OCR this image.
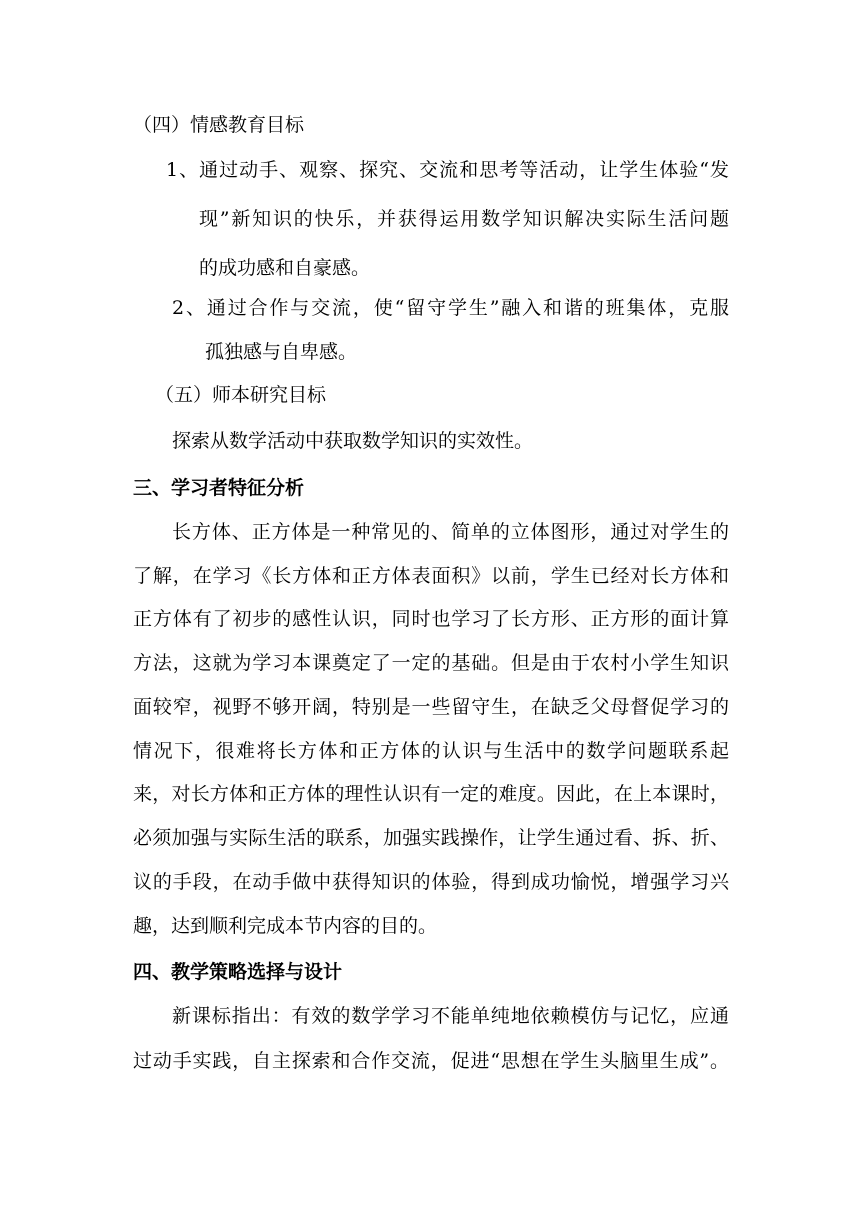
（四）情感教育目标
1、通过动手、观察、探究、交流和思考等活动，让学生体验“发
现”新知识的快乐，并获得运用数学知识解决实际生活问题
的成功感和自豪感。
2、通过合作与交流，使“留守学生”融入和谐的班集体，克服
孤独感与自卑感。
（五）师本研究目标
探索从数学活动中获取数学知识的实效性。
三、学习者特征分析
长方体、正方体是一种常见的、简单的立体图形，通过对学生的
了解，在学习《长方体和正方体表面积》以前，学生已经对长方体和
正方体有了初步的感性认识，同时也学习了长方形、正方形的面计算
方法，这就为学习本课奠定了一定的基础。但是由于农村小学生知识
面较窄，视野不够开阔，特别是一些留守生，在缺乏父母督促学习的
情况下，很难将长方体和正方体的认识与生活中的数学问题联系起
来，对长方体和正方体的理性认识有一定的难度。因此，在上本课时，
必须加强与实际生活的联系，加强实践操作，让学生通过看、拆、折、
议的手段，在动手做中获得知识的体验，得到成功愉悦，增强学习兴
趣，达到顺利完成本节内容的目的。
四、教学策略选择与设计
新课标指出：有效的数学学习不能单纯地依赖模仿与记忆，应通
过动手实践，自主探索和合作交流，促进“思想在学生头脑里生成”。
